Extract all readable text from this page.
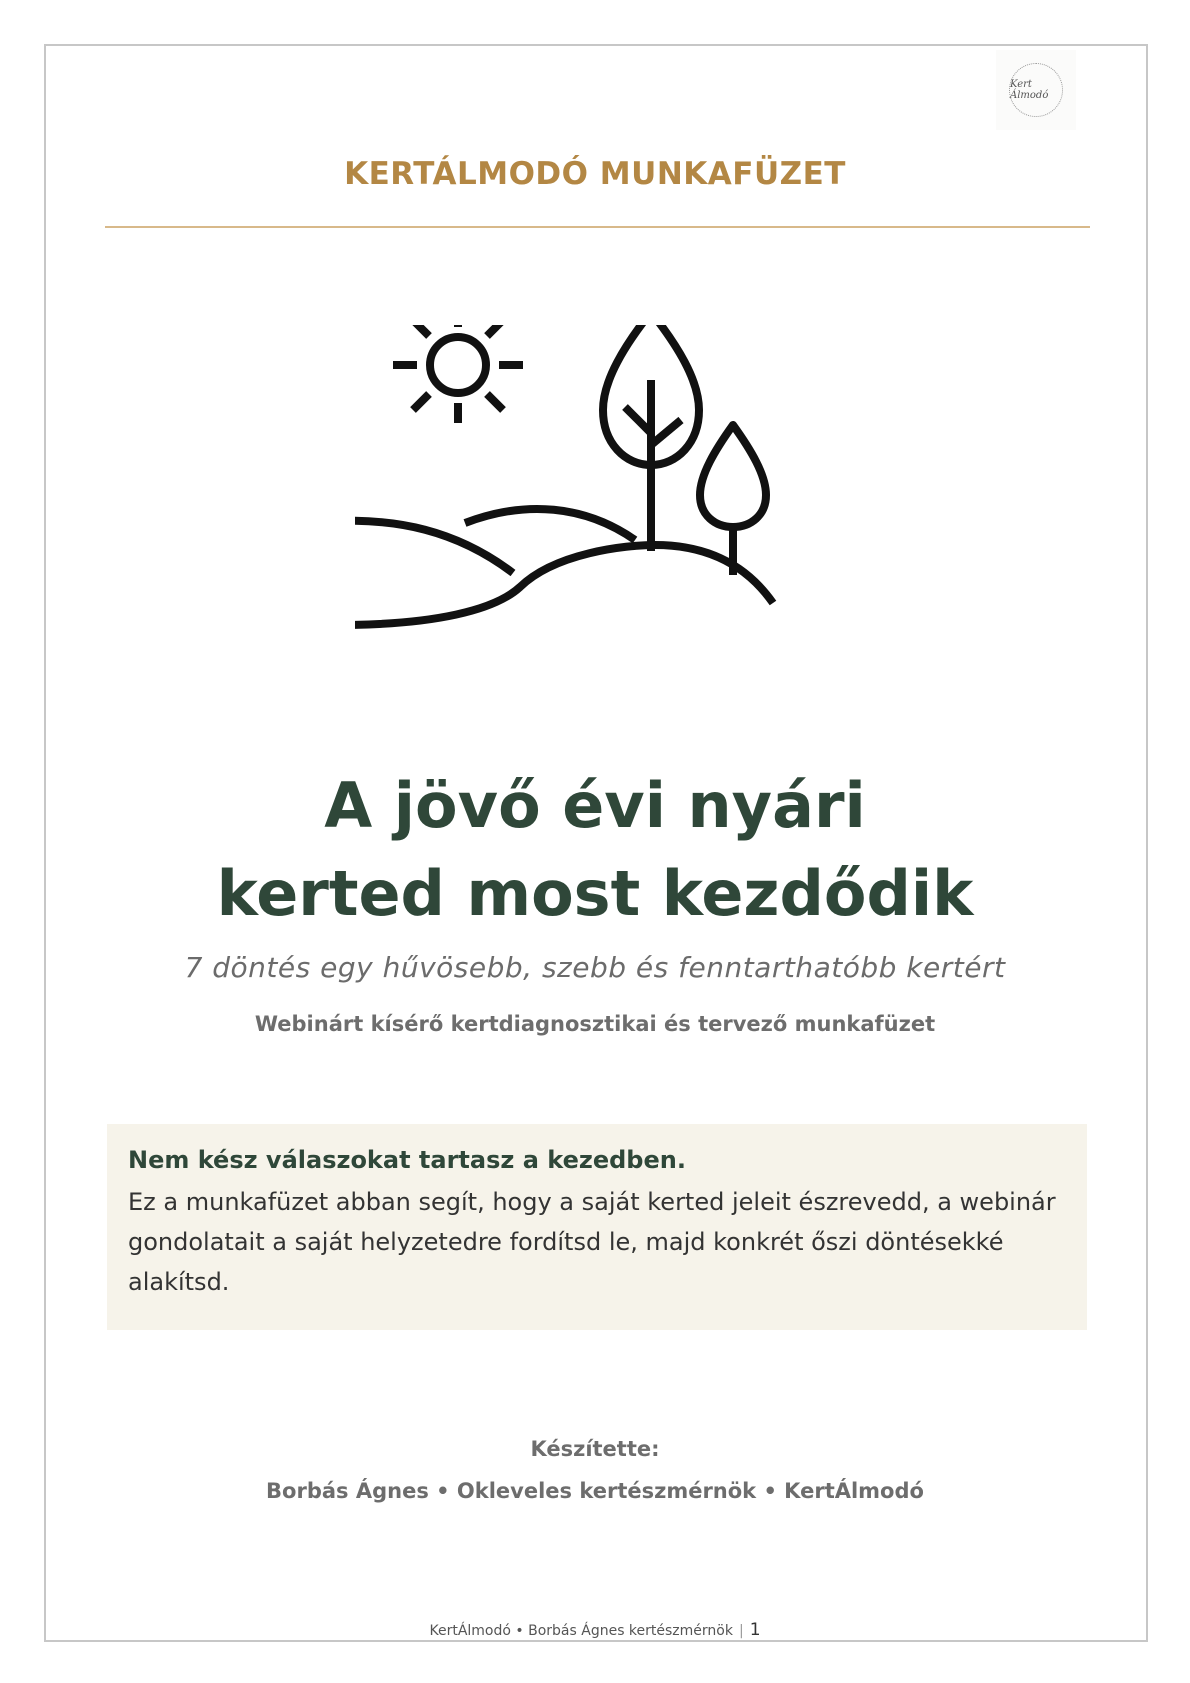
Kert Álmodó
KERTÁLMODÓ MUNKAFÜZET
A jövő évi nyári
kerted most kezdődik
7 döntés egy hűvösebb, szebb és fenntarthatóbb kertért
Webinárt kísérő kertdiagnosztikai és tervező munkafüzet

Nem kész válaszokat tartasz a kezedben.

Ez a munkafüzet abban segít, hogy a saját kerted jeleit észrevedd, a webinár gondolatait a saját helyzetedre fordítsd le, majd konkrét őszi döntésekké alakítsd.

Készítette:
Borbás Ágnes • Okleveles kertészmérnök • KertÁlmodó
KertÁlmodó • Borbás Ágnes kertészmérnök | 1
